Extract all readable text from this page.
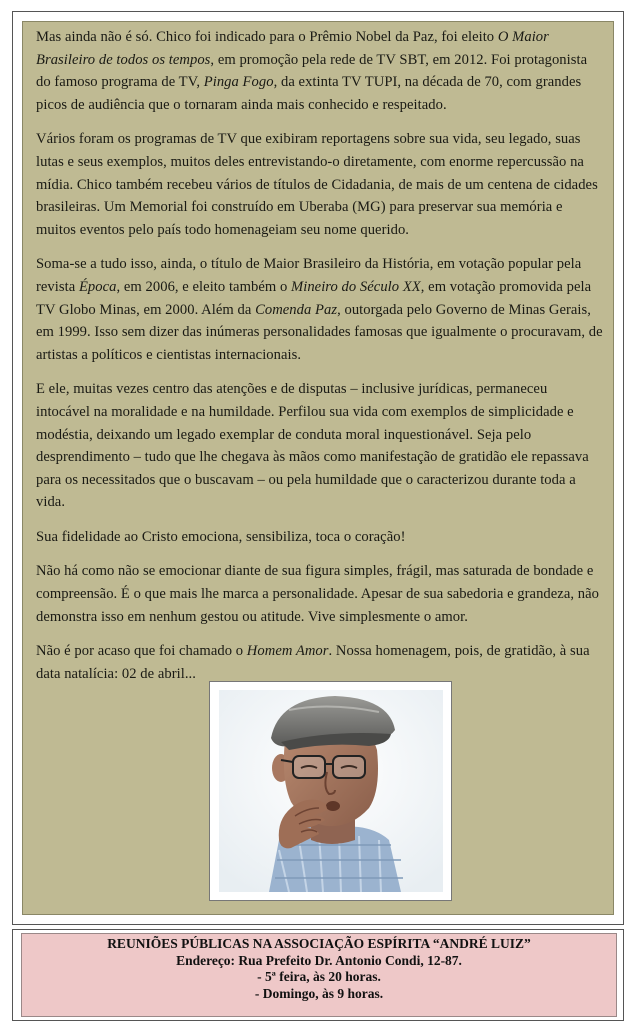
Mas ainda não é só. Chico foi indicado para o Prêmio Nobel da Paz, foi eleito O Maior Brasileiro de todos os tempos, em promoção pela rede de TV SBT, em 2012. Foi protagonista do famoso programa de TV, Pinga Fogo, da extinta TV TUPI, na década de 70, com grandes picos de audiência que o tornaram ainda mais conhecido e respeitado.

Vários foram os programas de TV que exibiram reportagens sobre sua vida, seu legado, suas lutas e seus exemplos, muitos deles entrevistando-o diretamente, com enorme repercussão na mídia. Chico também recebeu vários de títulos de Cidadania, de mais de um centena de cidades brasileiras. Um Memorial foi construído em Uberaba (MG) para preservar sua memória e muitos eventos pelo país todo homenageiam seu nome querido.

Soma-se a tudo isso, ainda, o título de Maior Brasileiro da História, em votação popular pela revista Época, em 2006, e eleito também o Mineiro do Século XX, em votação promovida pela TV Globo Minas, em 2000. Além da Comenda Paz, outorgada pelo Governo de Minas Gerais, em 1999. Isso sem dizer das inúmeras personalidades famosas que igualmente o procuravam, de artistas a políticos e cientistas internacionais.

E ele, muitas vezes centro das atenções e de disputas – inclusive jurídicas, permaneceu intocável na moralidade e na humildade. Perfilou sua vida com exemplos de simplicidade e modéstia, deixando um legado exemplar de conduta moral inquestionável. Seja pelo desprendimento – tudo que lhe chegava às mãos como manifestação de gratidão ele repassava para os necessitados que o buscavam – ou pela humildade que o caracterizou durante toda a vida.

Sua fidelidade ao Cristo emociona, sensibiliza, toca o coração!

Não há como não se emocionar diante de sua figura simples, frágil, mas saturada de bondade e compreensão. É o que mais lhe marca a personalidade. Apesar de sua sabedoria e grandeza, não demonstra isso em nenhum gestou ou atitude. Vive simplesmente o amor.

Não é por acaso que foi chamado o Homem Amor. Nossa homenagem, pois, de gratidão, à sua data natalícia: 02 de abril...

REUNIÕES PÚBLICAS NA ASSOCIAÇÃO ESPÍRITA “ANDRÉ LUIZ”
Endereço: Rua Prefeito Dr. Antonio Condi, 12-87.
- 5ª feira, às 20 horas.
- Domingo, às 9 horas.
